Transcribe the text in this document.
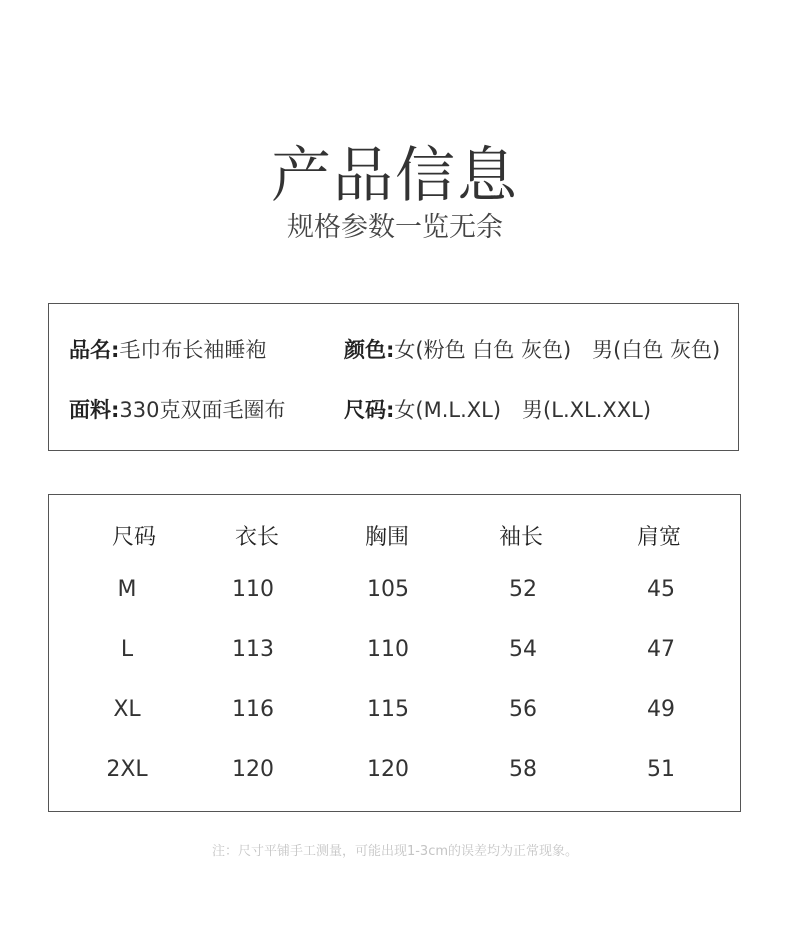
产品信息
规格参数一览无余
品名:毛巾布长袖睡袍	颜色:女(粉色 白色 灰色)　男(白色 灰色)
面料:330克双面毛圈布	尺码:女(M.L.XL)　男(L.XL.XXL)
尺码	衣长	胸围	袖长	肩宽
M	110	105	52	45
L	113	110	54	47
XL	116	115	56	49
2XL	120	120	58	51
注：尺寸平铺手工测量，可能出现1-3cm的误差均为正常现象。
